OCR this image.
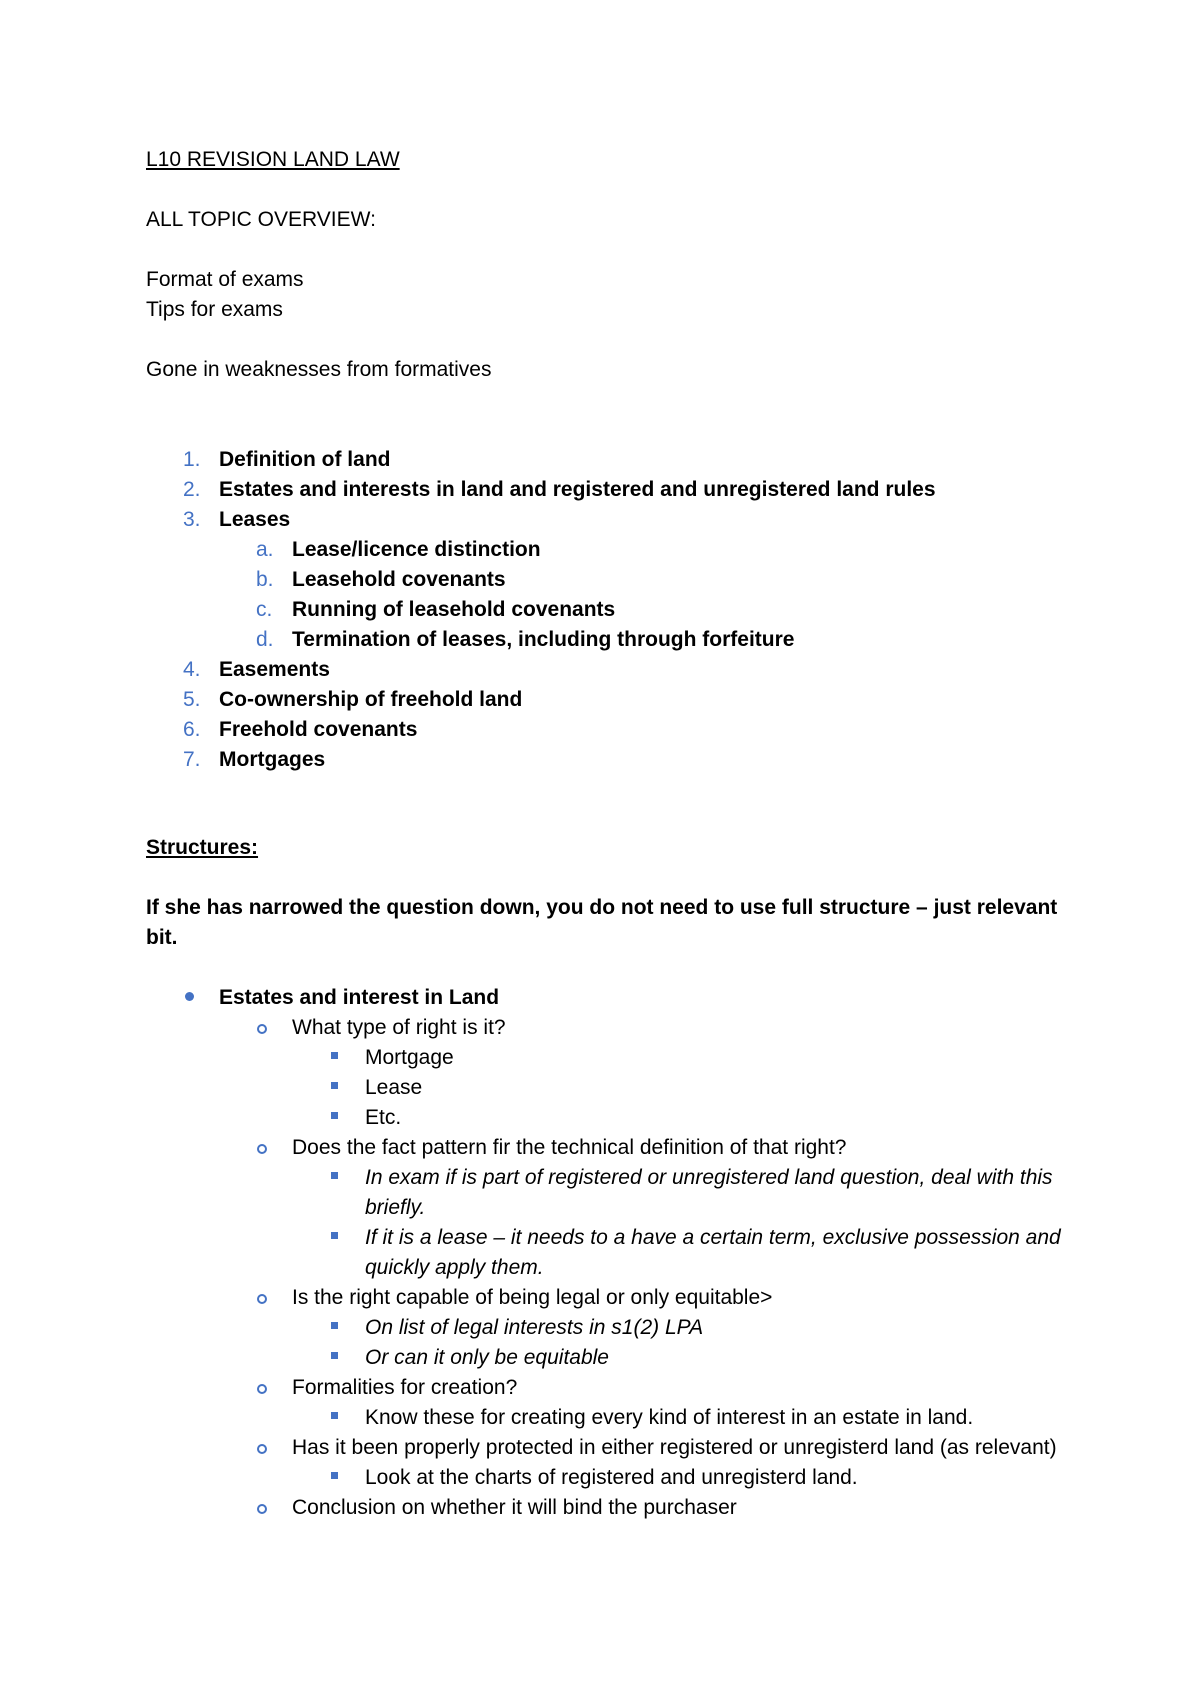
L10 REVISION LAND LAW

ALL TOPIC OVERVIEW:

Format of exams

Tips for exams

Gone in weaknesses from formatives

1. Definition of land
2. Estates and interests in land and registered and unregistered land rules
3. Leases
a. Lease/licence distinction
b. Leasehold covenants
c. Running of leasehold covenants
d. Termination of leases, including through forfeiture
4. Easements
5. Co-ownership of freehold land
6. Freehold covenants
7. Mortgages

Structures:

If she has narrowed the question down, you do not need to use full structure – just relevant bit.

Estates and interest in Land
What type of right is it?
Mortgage
Lease
Etc.
Does the fact pattern fir the technical definition of that right?
In exam if is part of registered or unregistered land question, deal with this briefly.
If it is a lease – it needs to a have a certain term, exclusive possession and quickly apply them.
Is the right capable of being legal or only equitable>
On list of legal interests in s1(2) LPA
Or can it only be equitable
Formalities for creation?
Know these for creating every kind of interest in an estate in land.
Has it been properly protected in either registered or unregisterd land (as relevant)
Look at the charts of registered and unregisterd land.
Conclusion on whether it will bind the purchaser
